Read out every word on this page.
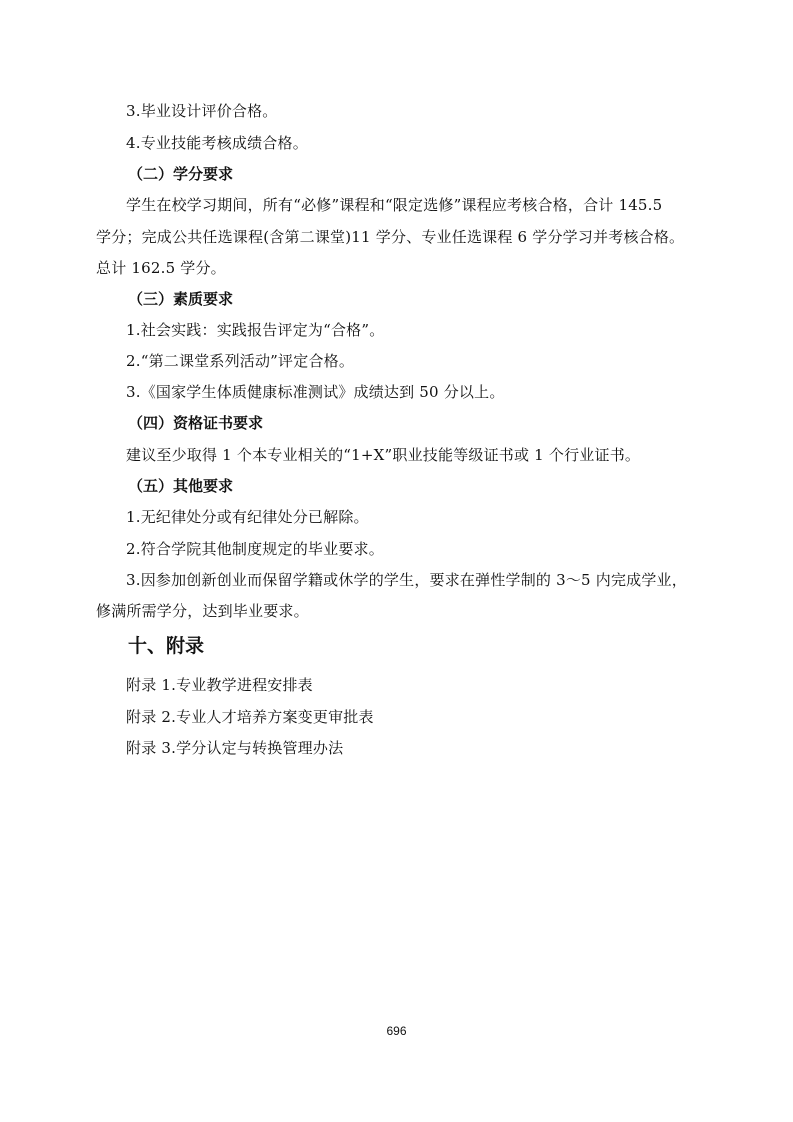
3.毕业设计评价合格。
4.专业技能考核成绩合格。
（二）学分要求
学生在校学习期间，所有“必修”课程和“限定选修”课程应考核合格，合计 145.5
学分；完成公共任选课程(含第二课堂)11 学分、专业任选课程 6 学分学习并考核合格。
总计 162.5 学分。
（三）素质要求
1.社会实践：实践报告评定为“合格”。
2.“第二课堂系列活动”评定合格。
3.《国家学生体质健康标准测试》成绩达到 50 分以上。
（四）资格证书要求
建议至少取得 1 个本专业相关的“1+X”职业技能等级证书或 1 个行业证书。
（五）其他要求
1.无纪律处分或有纪律处分已解除。
2.符合学院其他制度规定的毕业要求。
3.因参加创新创业而保留学籍或休学的学生，要求在弹性学制的 3～5 内完成学业，
修满所需学分，达到毕业要求。
十、附录
附录 1.专业教学进程安排表
附录 2.专业人才培养方案变更审批表
附录 3.学分认定与转换管理办法
696
